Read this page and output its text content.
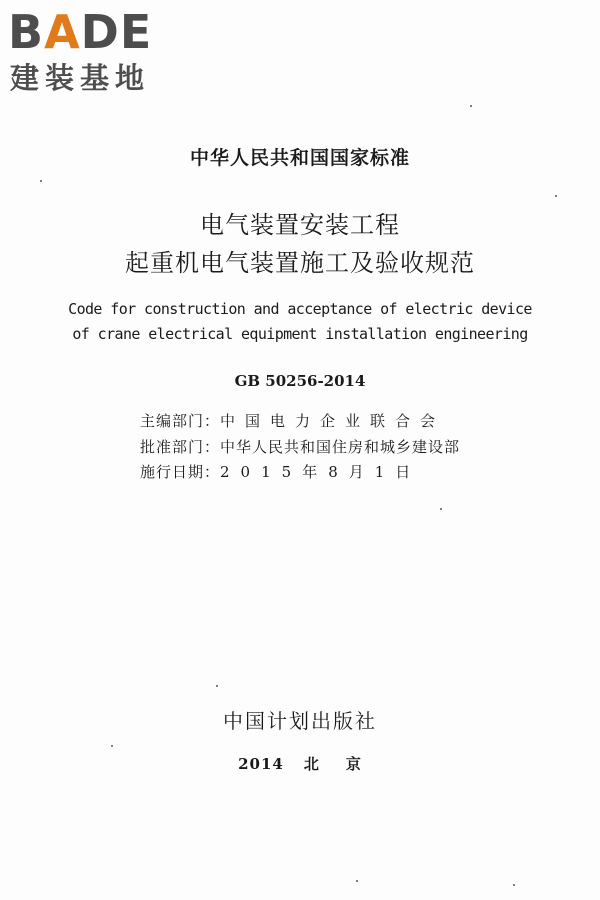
B A D E
建装基地
中华人民共和国国家标准
电气装置安装工程
起重机电气装置施工及验收规范
Code for construction and acceptance of electric device
of crane electrical equipment installation engineering
GB 50256-2014
主编部门：中国电力企业联合会
批准部门：中华人民共和国住房和城乡建设部
施行日期：2015年8月1日
中国计划出版社
2014 北 京
